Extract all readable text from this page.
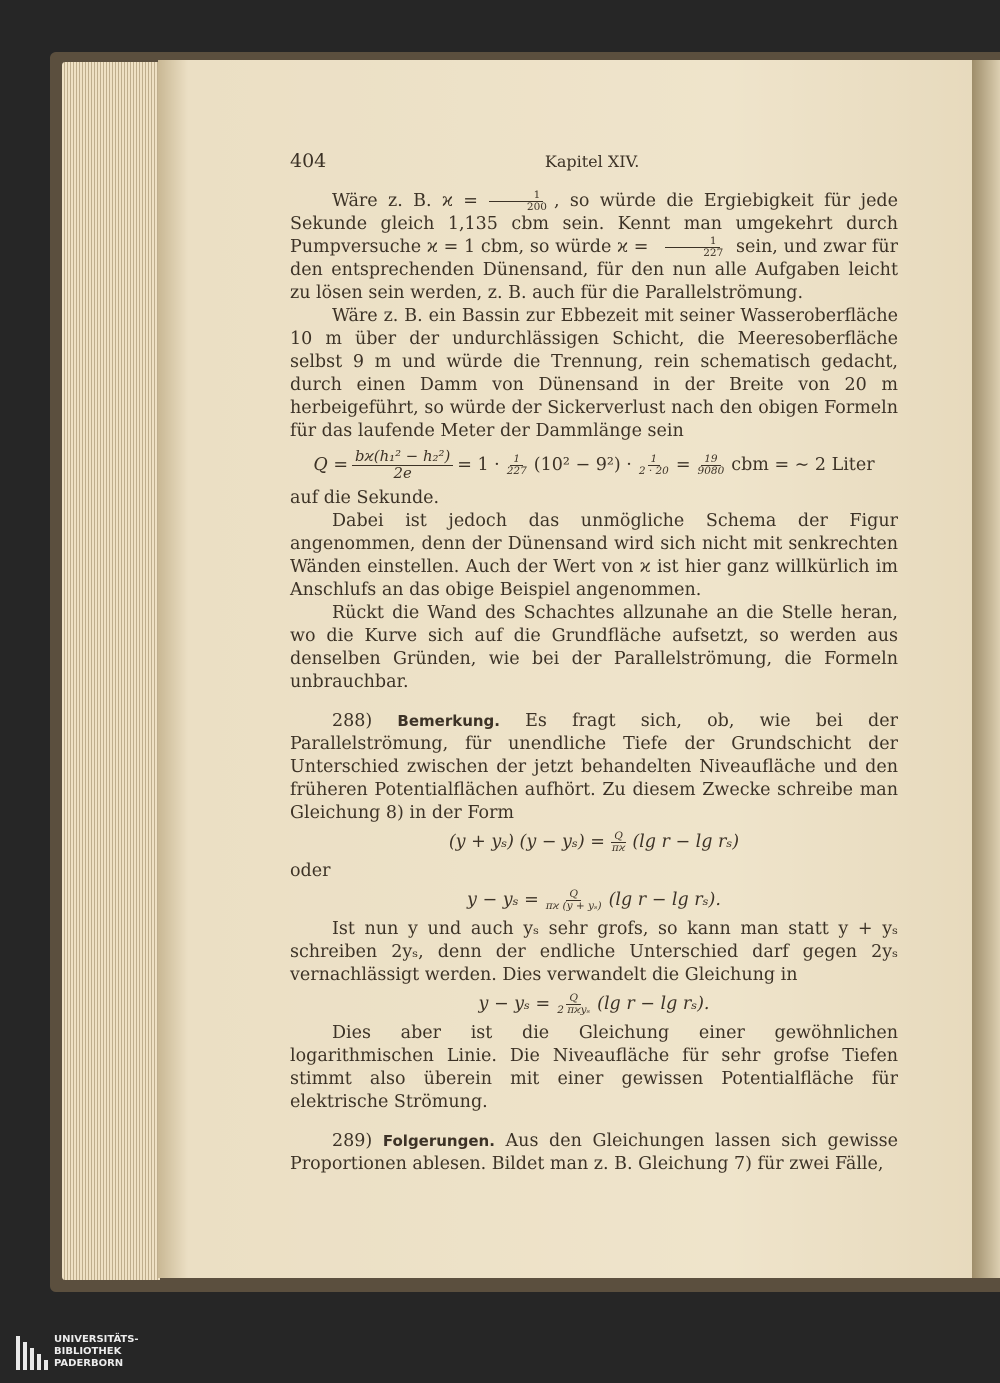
404	Kapitel XIV.

Wäre z. B. $ϰ = \frac{1}{200}$ , so würde die Ergiebigkeit für jede Sekunde gleich 1,135 cbm sein. Kennt man umgekehrt durch Pumpversuche ϰ = 1 cbm, so würde $ϰ = \frac{1}{227}$ sein, und zwar für den entsprechenden Dünensand, für den nun alle Aufgaben leicht zu lösen sein werden, z. B. auch für die Parallelströmung.

Wäre z. B. ein Bassin zur Ebbezeit mit seiner Wasseroberfläche 10 m über der undurchlässigen Schicht, die Meeresoberfläche selbst 9 m und würde die Trennung, rein schematisch gedacht, durch einen Damm von Dünensand in der Breite von 20 m herbeigeführt, so würde der Sickerverlust nach den obigen Formeln für das laufende Meter der Dammlänge sein

$Q = \frac{\text{bϰ(h₁² − h₂²)}}{2e} = 1 \cdot \frac{1}{227} (10^2 - 9^2) \cdot \frac{1}{2 \cdot 20} = \frac{19}{9080}$ cbm = ∼ 2 Liter

auf die Sekunde.

Dabei ist jedoch das unmögliche Schema der Figur angenommen, denn der Dünensand wird sich nicht mit senkrechten Wänden einstellen. Auch der Wert von ϰ ist hier ganz willkürlich im Anschlufs an das obige Beispiel angenommen.

Rückt die Wand des Schachtes allzunahe an die Stelle heran, wo die Kurve sich auf die Grundfläche aufsetzt, so werden aus denselben Gründen, wie bei der Parallelströmung, die Formeln unbrauchbar.

288) Bemerkung. Es fragt sich, ob, wie bei der Parallelströmung, für unendliche Tiefe der Grundschicht der Unterschied zwischen der jetzt behandelten Niveaufläche und den früheren Potentialflächen aufhört. Zu diesem Zwecke schreibe man Gleichung 8) in der Form

(y + yₛ) $(y - y_s) = \frac{Q}{\pi ϰ} (\lg$ r − lg rₛ)

oder

$y - y_s = \frac{Q}{\text{πϰ (y + yₛ)}} (\lg$ r − lg rₛ).

Ist nun y und auch yₛ sehr grofs, so kann man statt y + yₛ schreiben 2yₛ, denn der endliche Unterschied darf gegen 2yₛ vernachlässigt werden. Dies verwandelt die Gleichung in

$y - y_s = \frac{Q}{\text{2 πϰyₛ}} (\lg$ r − lg rₛ).

Dies aber ist die Gleichung einer gewöhnlichen logarithmischen Linie. Die Niveaufläche für sehr grofse Tiefen stimmt also überein mit einer gewissen Potentialfläche für elektrische Strömung.

289) Folgerungen. Aus den Gleichungen lassen sich gewisse Proportionen ablesen. Bildet man z. B. Gleichung 7) für zwei Fälle,

UNIVERSITÄTS-
BIBLIOTHEK
PADERBORN
